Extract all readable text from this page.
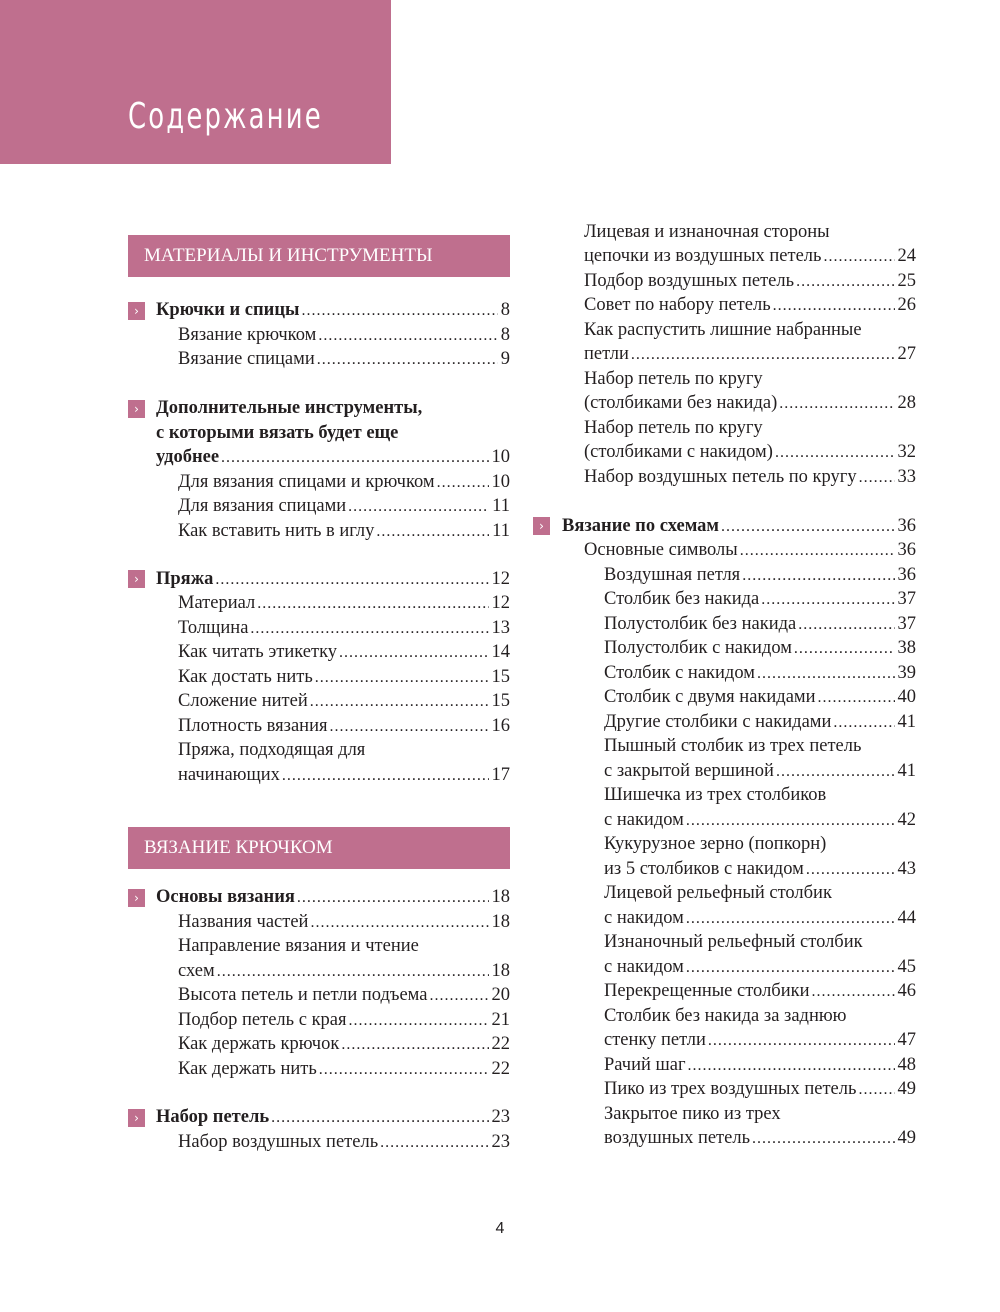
Содержание
МАТЕРИАЛЫ И ИНСТРУМЕНТЫ
› Крючки и спицы .....	8
Вязание крючком .....	8
Вязание спицами .....	9
› Дополнительные инструменты,
с которыми вязать будет еще
удобнее .....	10
Для вязания спицами и крючком .....	10
Для вязания спицами .....	11
Как вставить нить в иглу .....	11
› Пряжа .....	12
Материал .....	12
Толщина .....	13
Как читать этикетку .....	14
Как достать нить .....	15
Сложение нитей .....	15
Плотность вязания .....	16
Пряжа, подходящая для
начинающих .....	17
ВЯЗАНИЕ КРЮЧКОМ
› Основы вязания .....	18
Названия частей .....	18
Направление вязания и чтение
схем .....	18
Высота петель и петли подъема .....	20
Подбор петель с края .....	21
Как держать крючок .....	22
Как держать нить .....	22
› Набор петель .....	23
Набор воздушных петель .....	23
Лицевая и изнаночная стороны
цепочки из воздушных петель .....	24
Подбор воздушных петель .....	25
Совет по набору петель .....	26
Как распустить лишние набранные
петли .....	27
Набор петель по кругу
(столбиками без накида) .....	28
Набор петель по кругу
(столбиками с накидом) .....	32
Набор воздушных петель по кругу ..... 33
› Вязание по схемам .....	36
Основные символы .....	36
Воздушная петля .....	36
Столбик без накида .....	37
Полустолбик без накида .....	37
Полустолбик с накидом .....	38
Столбик с накидом .....	39
Столбик с двумя накидами .....	40
Другие столбики с накидами .....	41
Пышный столбик из трех петель
с закрытой вершиной .....	41
Шишечка из трех столбиков
с накидом .....	42
Кукурузное зерно (попкорн)
из 5 столбиков с накидом .....	43
Лицевой рельефный столбик
с накидом .....	44
Изнаночный рельефный столбик
с накидом .....	45
Перекрещенные столбики .....	46
Столбик без накида за заднюю
стенку петли .....	47
Рачий шаг .....	48
Пико из трех воздушных петель ..... 49
Закрытое пико из трех
воздушных петель .....	49
4
